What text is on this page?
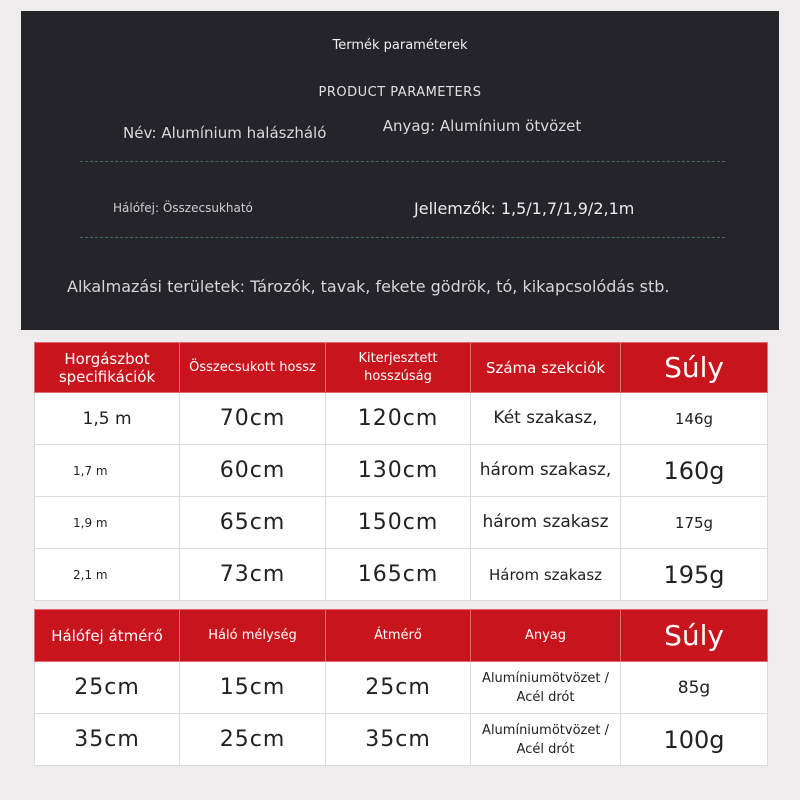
Termék paraméterek
PRODUCT PARAMETERS
Név: Alumínium halászháló	Anyag: Alumínium ötvözet
Hálófej: Összecsukható	Jellemzők: 1,5/1,7/1,9/2,1m
Alkalmazási területek: Tározók, tavak, fekete gödrök, tó, kikapcsolódás stb.
Horgászbot specifikációk	Összecsukott hossz	Kiterjesztett hosszúság	Száma szekciók	Súly
1,5 m	70cm	120cm	Két szakasz,	146g
1,7 m	60cm	130cm	három szakasz,	160g
1,9 m	65cm	150cm	három szakasz	175g
2,1 m	73cm	165cm	Három szakasz	195g
Hálófej átmérő	Háló mélység	Átmérő	Anyag	Súly
25cm	15cm	25cm	Alumíniumötvözet / Acél drót	85g
35cm	25cm	35cm	Alumíniumötvözet / Acél drót	100g
